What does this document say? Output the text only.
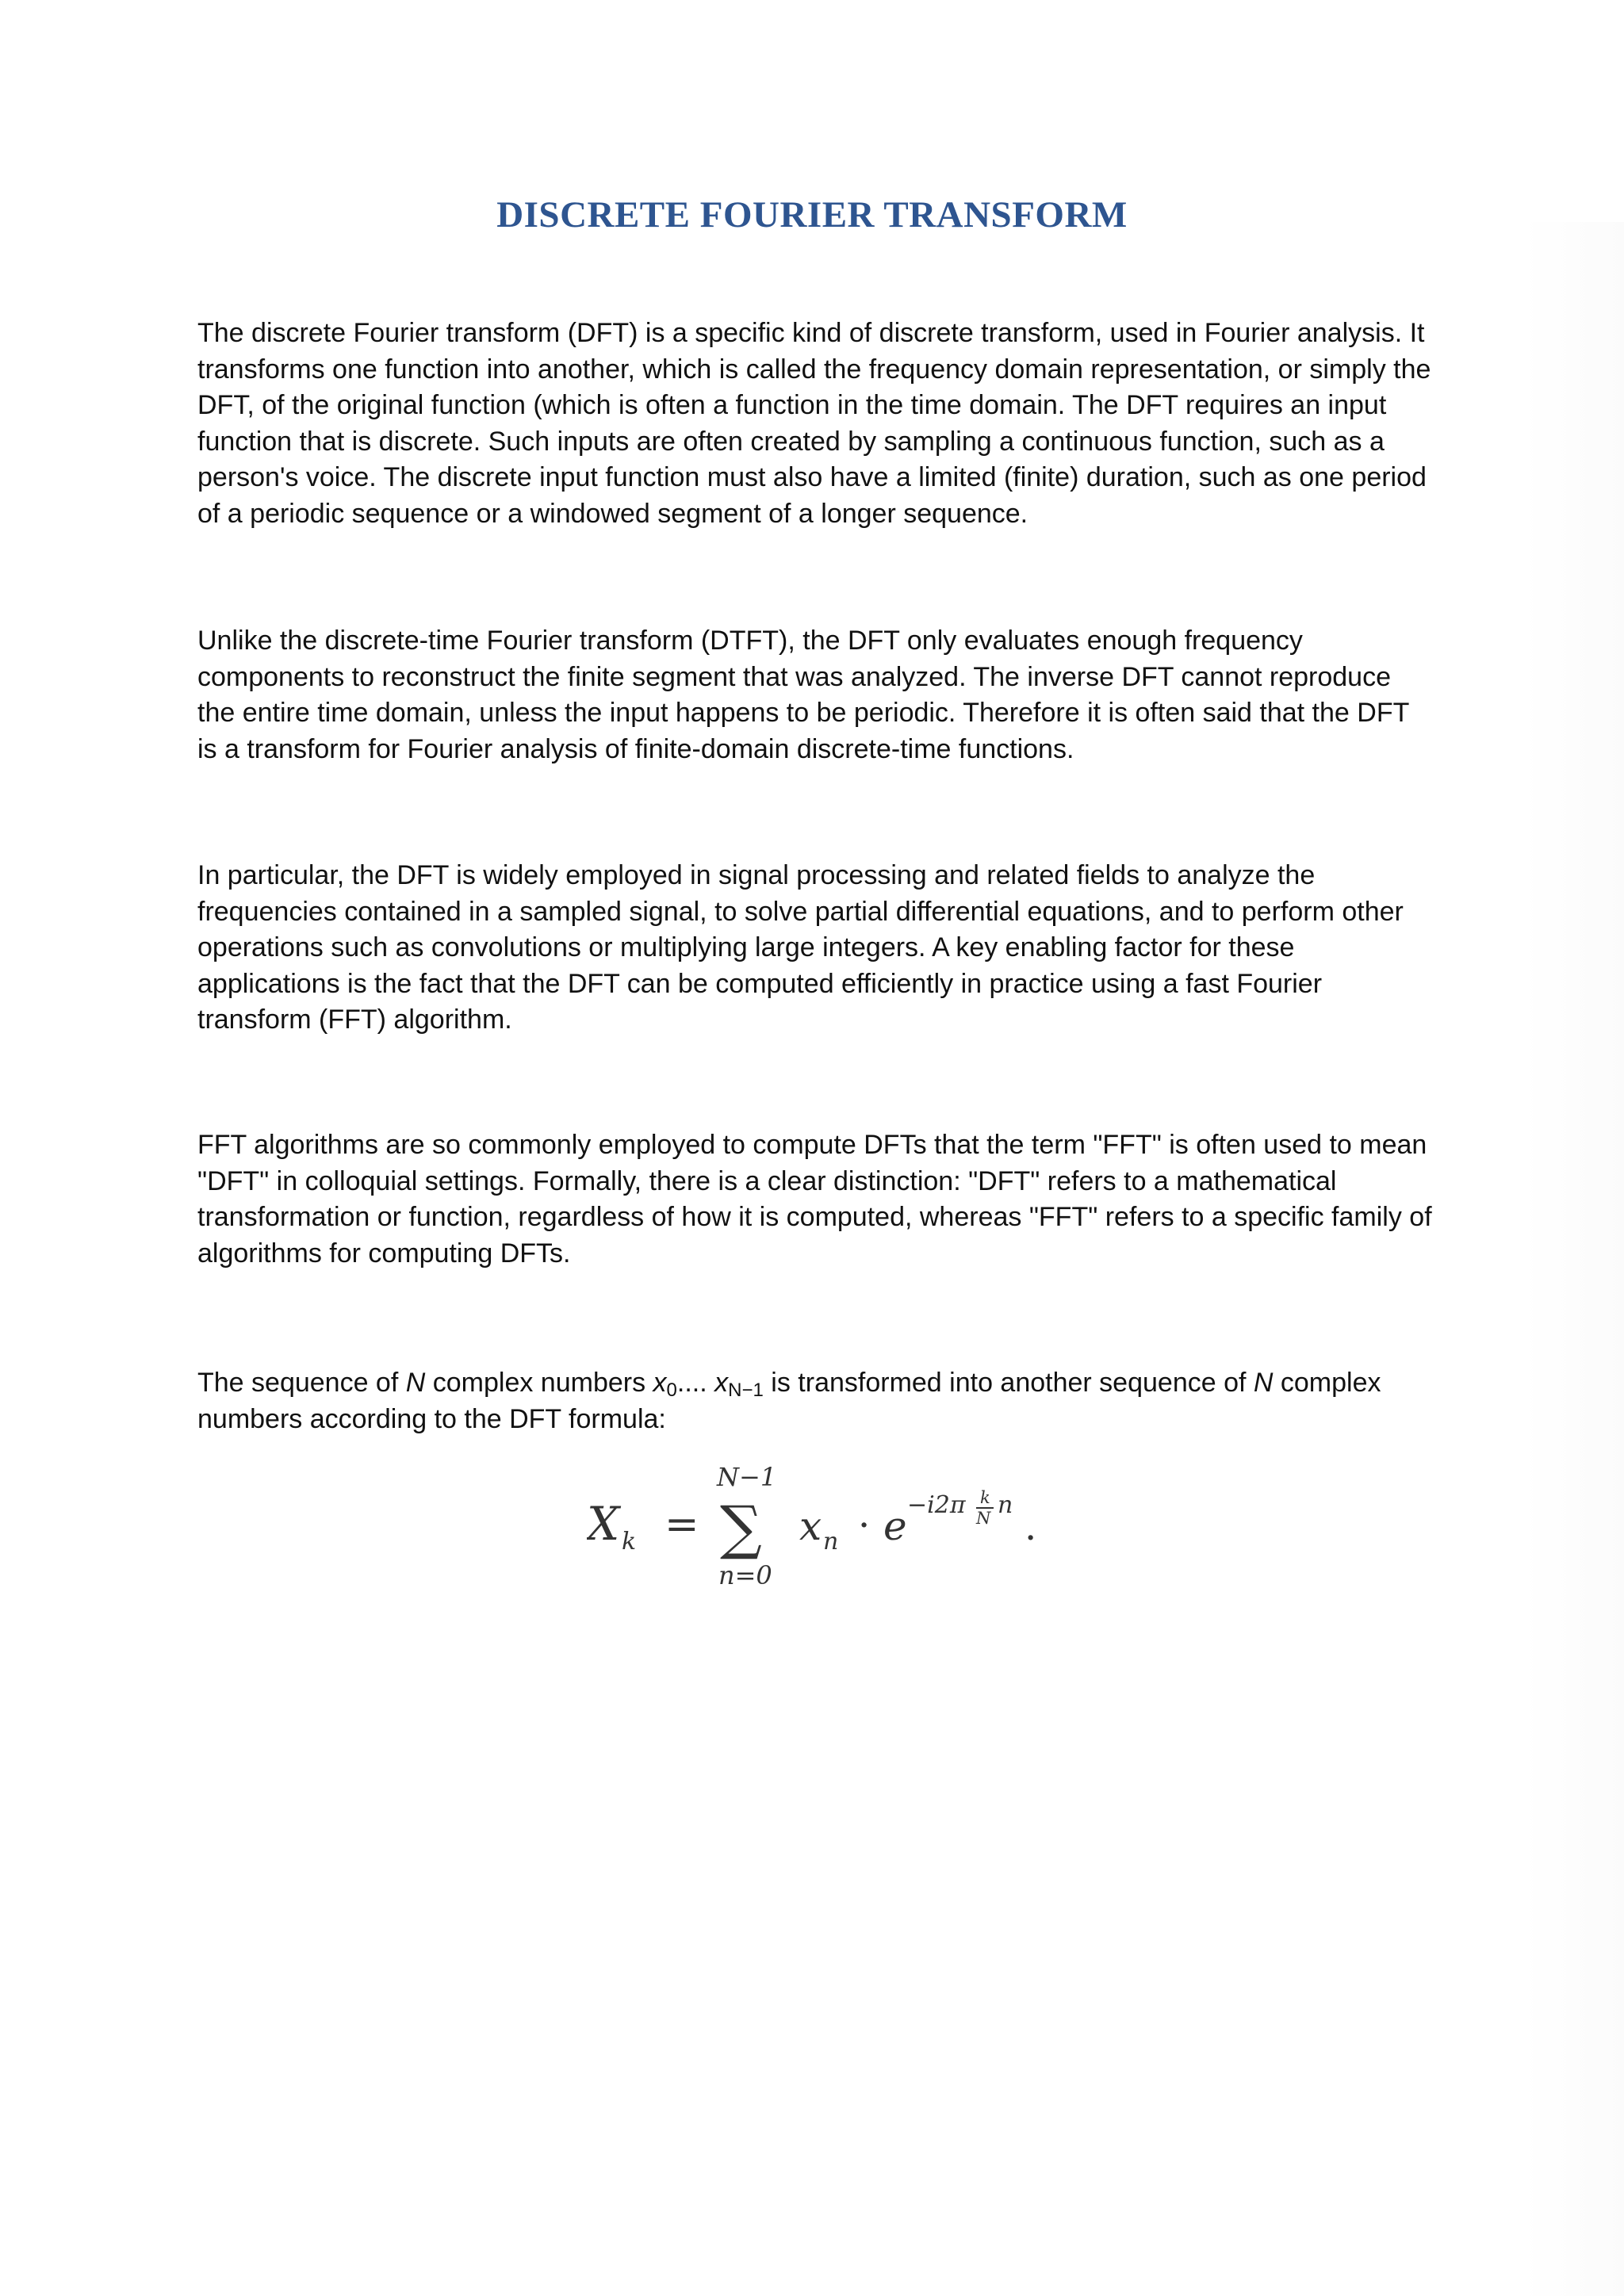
DISCRETE FOURIER TRANSFORM

The discrete Fourier transform (DFT) is a specific kind of discrete transform, used in Fourier analysis. It transforms one function into another, which is called the frequency domain representation, or simply the DFT, of the original function (which is often a function in the time domain. The DFT requires an input function that is discrete. Such inputs are often created by sampling a continuous function, such as a person's voice. The discrete input function must also have a limited (finite) duration, such as one period of a periodic sequence or a windowed segment of a longer sequence.

Unlike the discrete-time Fourier transform (DTFT), the DFT only evaluates enough frequency components to reconstruct the finite segment that was analyzed. The inverse DFT cannot reproduce the entire time domain, unless the input happens to be periodic. Therefore it is often said that the DFT is a transform for Fourier analysis of finite-domain discrete-time functions.

In particular, the DFT is widely employed in signal processing and related fields to analyze the frequencies contained in a sampled signal, to solve partial differential equations, and to perform other operations such as convolutions or multiplying large integers. A key enabling factor for these applications is the fact that the DFT can be computed efficiently in practice using a fast Fourier transform (FFT) algorithm.

FFT algorithms are so commonly employed to compute DFTs that the term "FFT" is often used to mean "DFT" in colloquial settings. Formally, there is a clear distinction: "DFT" refers to a mathematical transformation or function, regardless of how it is computed, whereas "FFT" refers to a specific family of algorithms for computing DFTs.

The sequence of N complex numbers $x_0$.... $x_{N-1}$ is transformed into another sequence of N complex numbers according to the DFT formula:

X k =
N−1
∑
n=0
x n · e −i2π k
N n .
